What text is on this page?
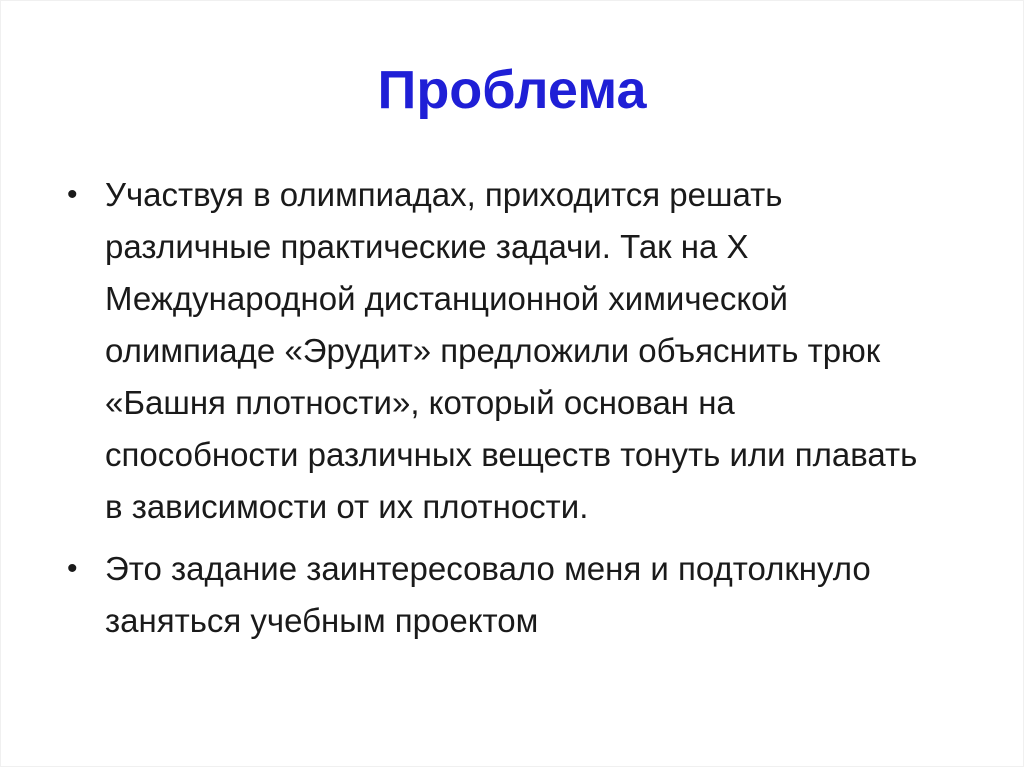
Проблема
• Участвуя в олимпиадах, приходится решать различные практические задачи. Так на X Международной дистанционной химической олимпиаде «Эрудит» предложили объяснить трюк «Башня плотности», который основан на способности различных веществ тонуть или плавать в зависимости от их плотности.
• Это задание заинтересовало меня и подтолкнуло заняться учебным проектом
